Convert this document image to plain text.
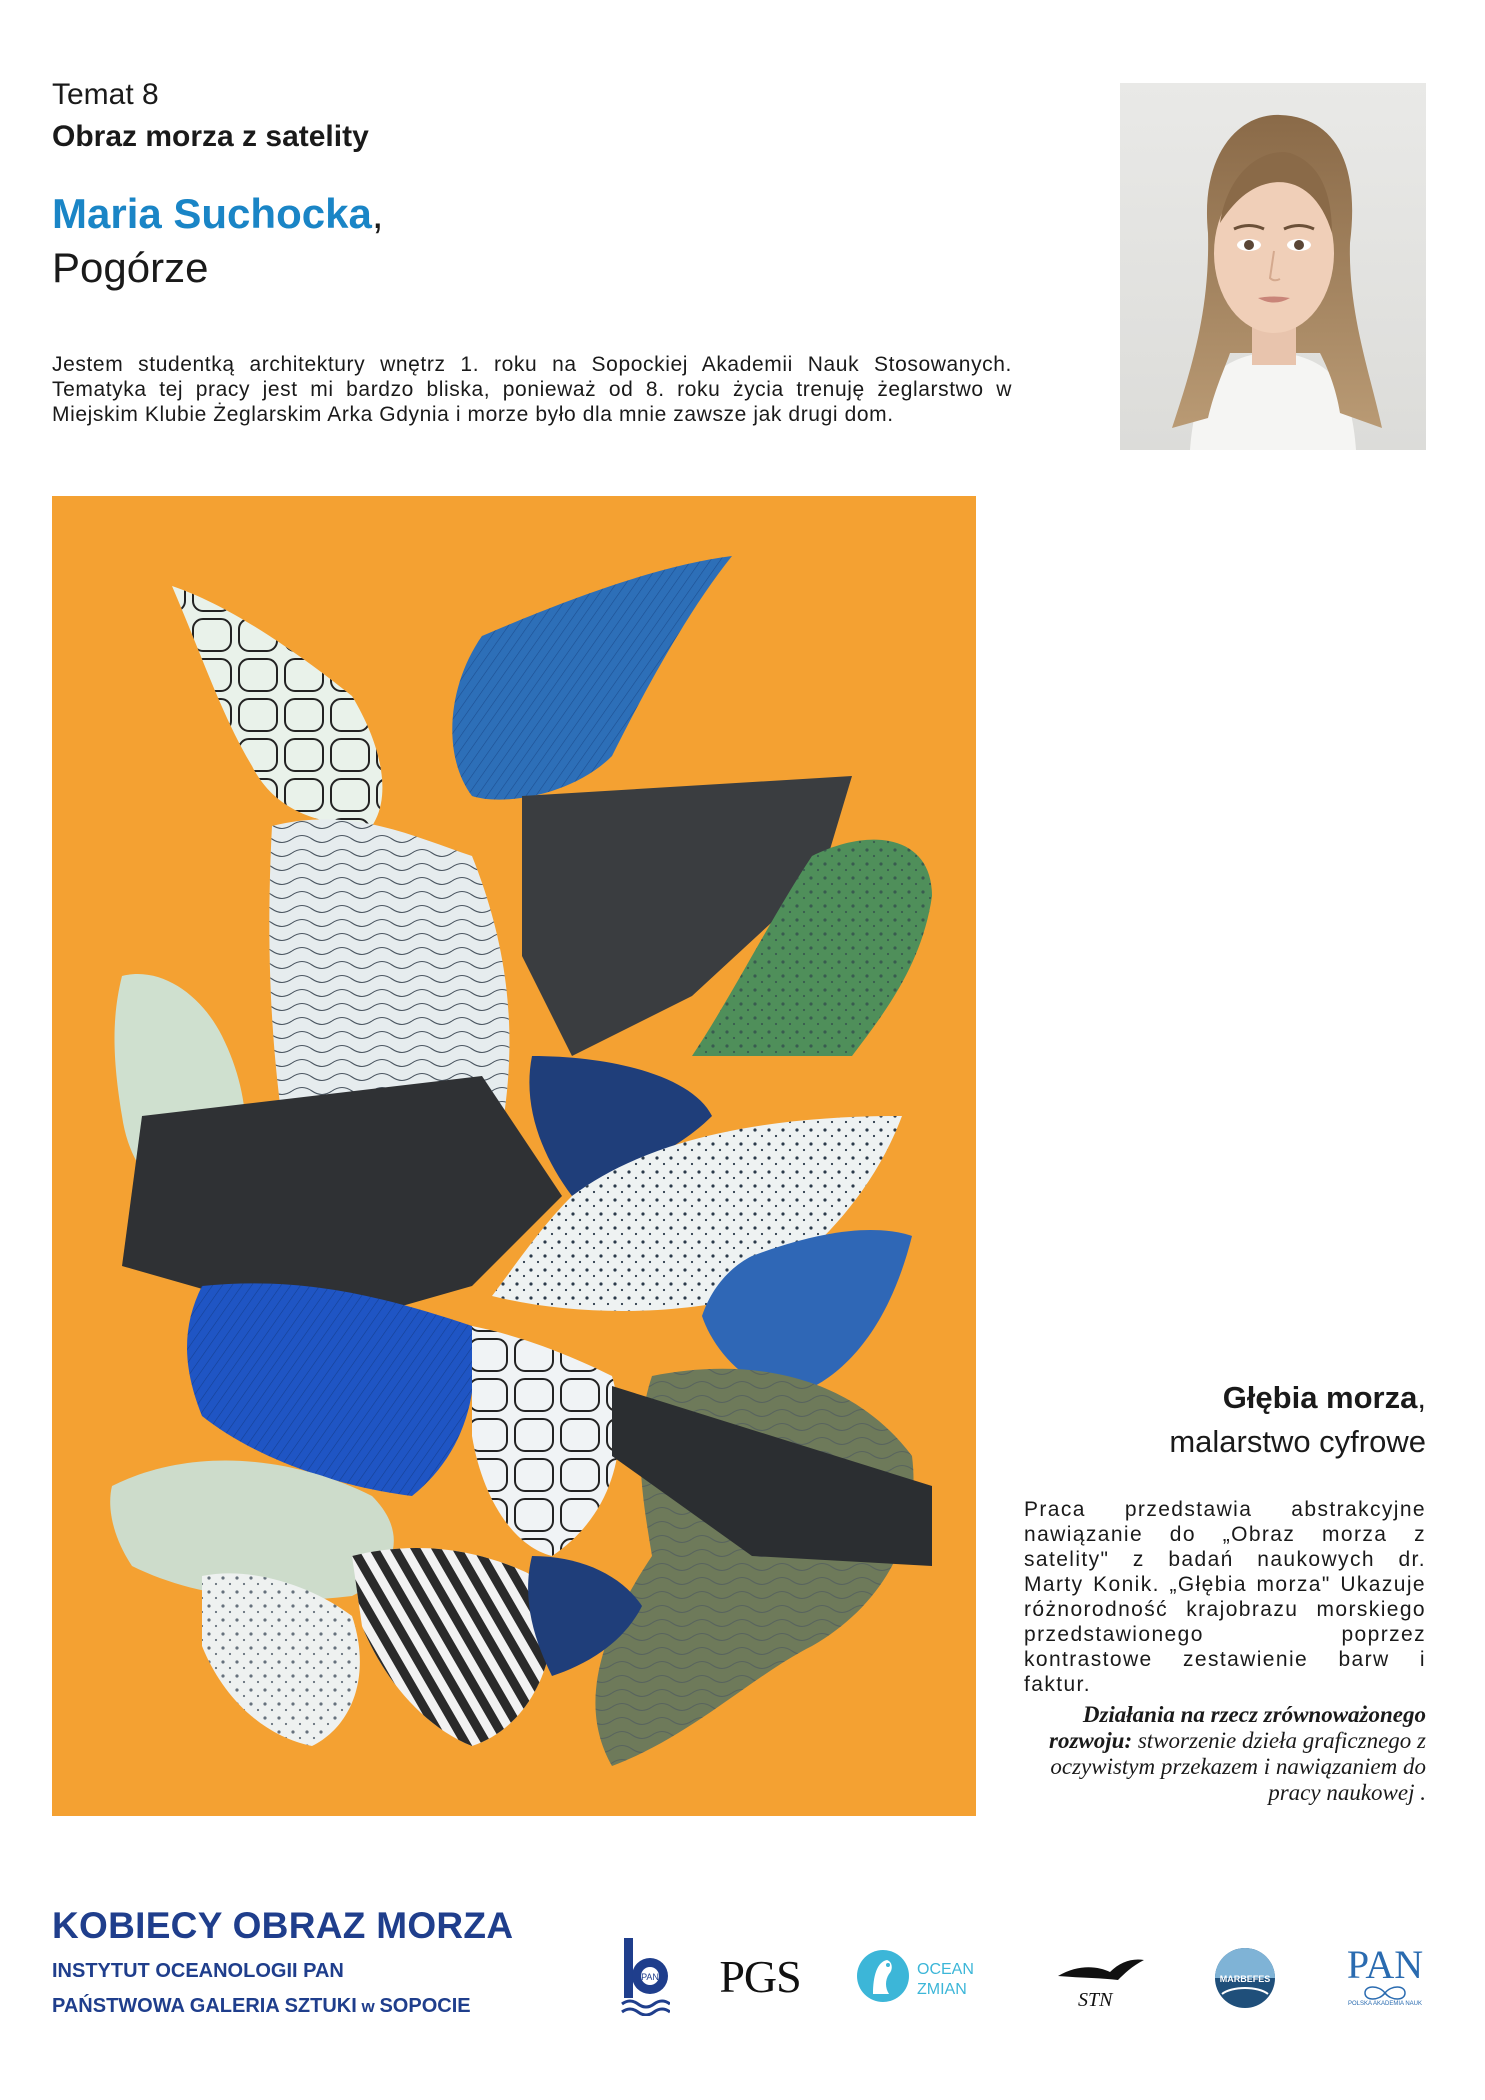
Temat 8
Obraz morza z satelity
Maria Suchocka,
Pogórze
Jestem studentką architektury wnętrz 1. roku na Sopockiej Akademii Nauk Stosowanych. Tematyka tej pracy jest mi bardzo bliska, ponieważ od 8. roku życia trenuję żeglarstwo w Miejskim Klubie Żeglarskim Arka Gdynia i morze było dla mnie zawsze jak drugi dom.
Głębia morza,
malarstwo cyfrowe
Praca przedstawia abstrakcyjne nawiązanie do „Obraz morza z satelity" z badań naukowych dr. Marty Konik. „Głębia morza" Ukazuje różnorodność krajobrazu morskiego przedstawionego poprzez kontrastowe zestawienie barw i faktur.
Działania na rzecz zrównoważonego rozwoju: stworzenie dzieła graficznego z oczywistym przekazem i nawiązaniem do pracy naukowej .
KOBIECY OBRAZ MORZA
INSTYTUT OCEANOLOGII PAN
PAŃSTWOWA GALERIA SZTUKI w SOPOCIE
PAN PGS	OCEAN
ZMIAN	STN
MARBEFES PAN
POLSKA AKADEMIA NAUK
